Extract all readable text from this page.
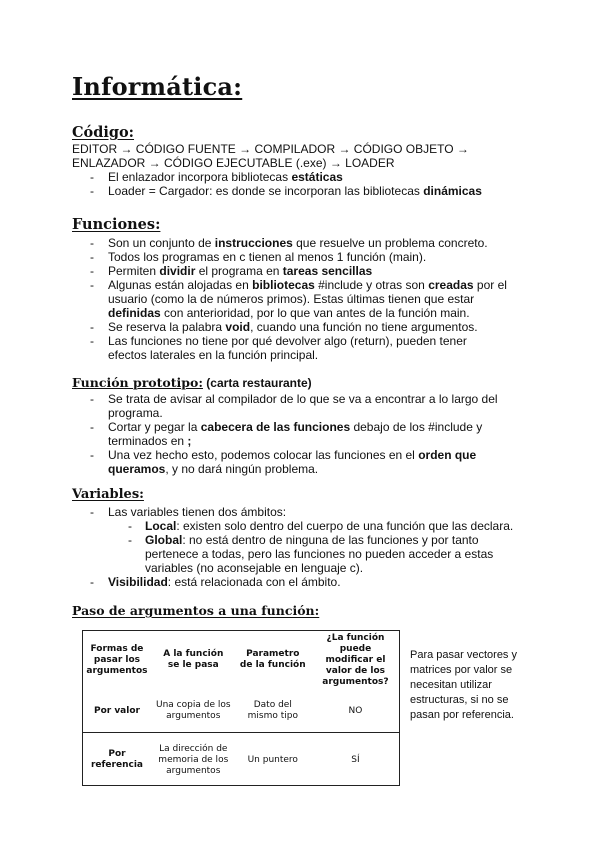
Informática:
Código:

EDITOR → CÓDIGO FUENTE → COMPILADOR → CÓDIGO OBJETO →
ENLAZADOR → CÓDIGO EJECUTABLE (.exe) → LOADER

- El enlazador incorpora bibliotecas estáticas
- Loader = Cargador: es donde se incorporan las bibliotecas dinámicas
Funciones:
- Son un conjunto de instrucciones que resuelve un problema concreto.
- Todos los programas en c tienen al menos 1 función (main).
- Permiten dividir el programa en tareas sencillas
- Algunas están alojadas en bibliotecas #include y otras son creadas por el usuario (como la de números primos). Estas últimas tienen que estar definidas con anterioridad, por lo que van antes de la función main.
- Se reserva la palabra void, cuando una función no tiene argumentos.
- Las funciones no tiene por qué devolver algo (return), pueden tener efectos laterales en la función principal.
Función prototipo: (carta restaurante)
- Se trata de avisar al compilador de lo que se va a encontrar a lo largo del programa.
- Cortar y pegar la cabecera de las funciones debajo de los #include y terminados en ;
- Una vez hecho esto, podemos colocar las funciones en el orden que queramos, y no dará ningún problema.
Variables:
- Las variables tienen dos ámbitos:
- Local: existen solo dentro del cuerpo de una función que las declara.
- Global: no está dentro de ninguna de las funciones y por tanto pertenece a todas, pero las funciones no pueden acceder a estas variables (no aconsejable en lenguaje c).
- Visibilidad: está relacionada con el ámbito.
Paso de argumentos a una función:
Formas de pasar los argumentos	A la función se le pasa	Parametro de la función	¿La función puede modificar el valor de los argumentos?
Por valor	Una copia de los argumentos	Dato del mismo tipo	NO
Por referencia	La dirección de memoria de los argumentos	Un puntero	SÍ

Para pasar vectores y matrices por valor se necesitan utilizar estructuras, si no se pasan por referencia.
